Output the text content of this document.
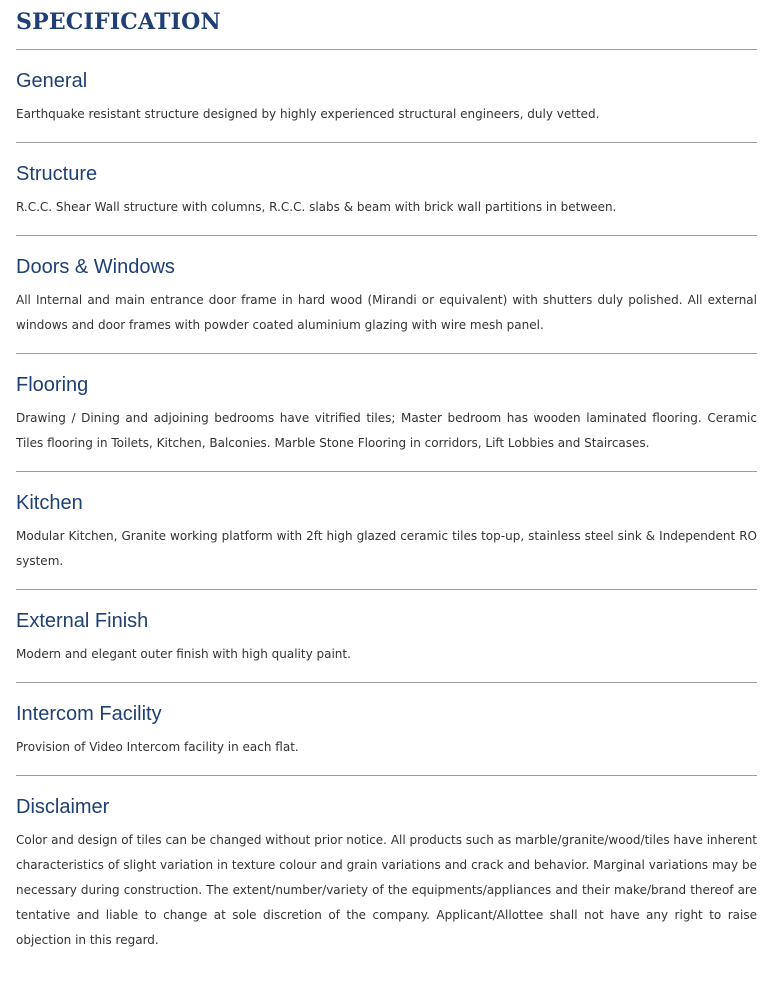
SPECIFICATION
General

Earthquake resistant structure designed by highly experienced structural engineers, duly vetted.

Structure

R.C.C. Shear Wall structure with columns, R.C.C. slabs & beam with brick wall partitions in between.

Doors & Windows

All Internal and main entrance door frame in hard wood (Mirandi or equivalent) with shutters duly polished. All external windows and door frames with powder coated aluminium glazing with wire mesh panel.

Flooring

Drawing / Dining and adjoining bedrooms have vitrified tiles; Master bedroom has wooden laminated flooring. Ceramic Tiles flooring in Toilets, Kitchen, Balconies. Marble Stone Flooring in corridors, Lift Lobbies and Staircases.

Kitchen

Modular Kitchen, Granite working platform with 2ft high glazed ceramic tiles top-up, stainless steel sink & Independent RO system.

External Finish

Modern and elegant outer finish with high quality paint.

Intercom Facility

Provision of Video Intercom facility in each flat.

Disclaimer

Color and design of tiles can be changed without prior notice. All products such as marble/granite/wood/tiles have inherent characteristics of slight variation in texture colour and grain variations and crack and behavior. Marginal variations may be necessary during construction. The extent/number/variety of the equipments/appliances and their make/brand thereof are tentative and liable to change at sole discretion of the company. Applicant/Allottee shall not have any right to raise objection in this regard.
